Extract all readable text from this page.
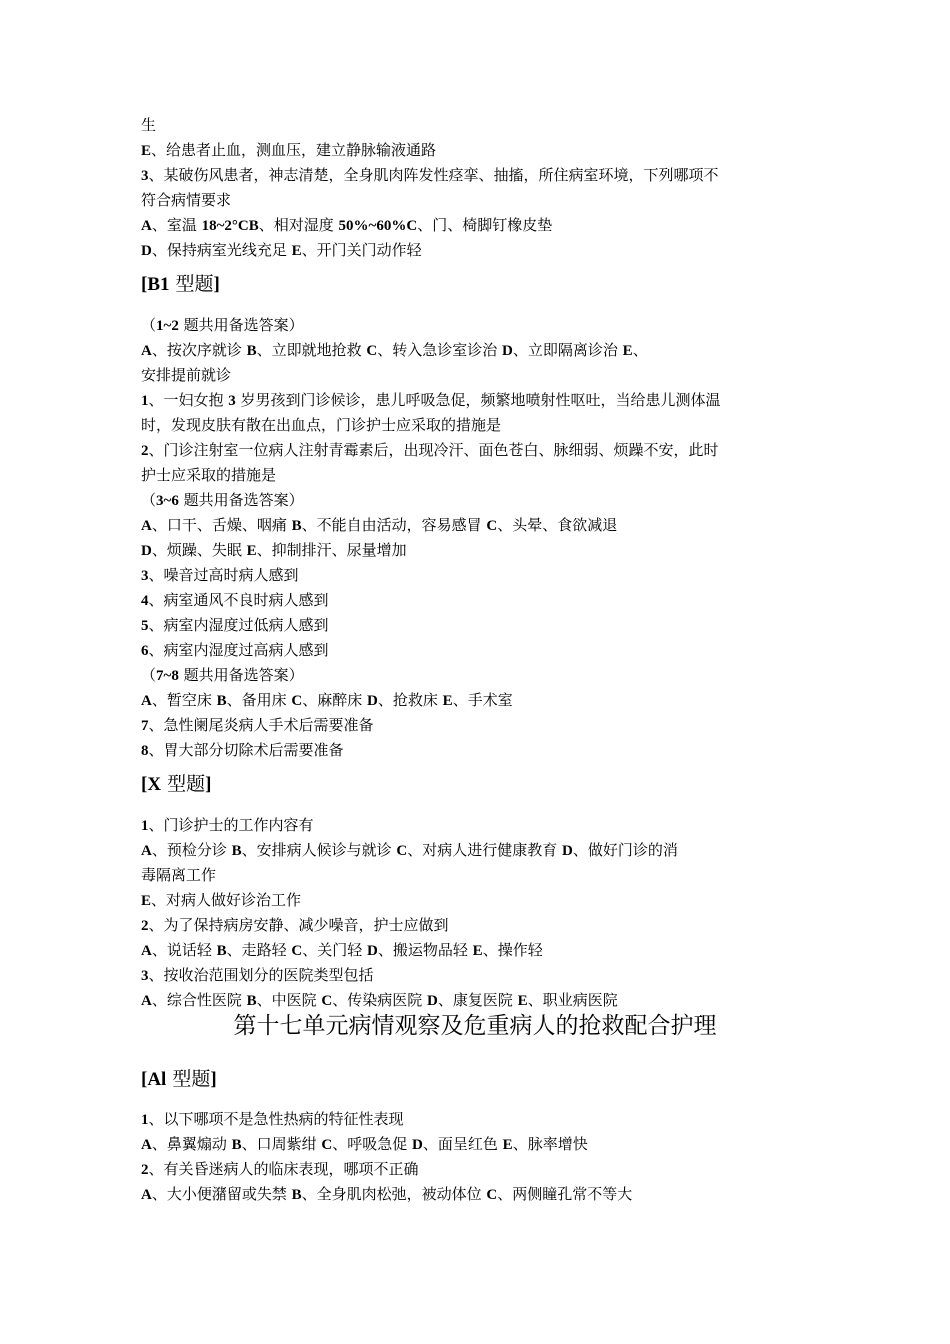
生
E、给患者止血，测血压，建立静脉输液通路
3、某破伤风患者，神志清楚，全身肌肉阵发性痉挛、抽搐，所住病室环境，下列哪项不
符合病情要求
A、室温 18~2°CB、相对湿度 50%~60%C、门、椅脚钉橡皮垫
D、保持病室光线充足 E、开门关门动作轻
[B1 型题]
（1~2 题共用备选答案）
A、按次序就诊 B、立即就地抢救 C、转入急诊室诊治 D、立即隔离诊治 E、
安排提前就诊
1、一妇女抱 3 岁男孩到门诊候诊，患儿呼吸急促，频繁地喷射性呕吐，当给患儿测体温
时，发现皮肤有散在出血点，门诊护士应采取的措施是
2、门诊注射室一位病人注射青霉素后，出现冷汗、面色苍白、脉细弱、烦躁不安，此时
护士应采取的措施是
（3~6 题共用备选答案）
A、口干、舌燥、咽痛 B、不能自由活动，容易感冒 C、头晕、食欲减退
D、烦躁、失眠 E、抑制排汗、尿量增加
3、噪音过高时病人感到
4、病室通风不良时病人感到
5、病室内湿度过低病人感到
6、病室内湿度过高病人感到
（7~8 题共用备选答案）
A、暂空床 B、备用床 C、麻醉床 D、抢救床 E、手术室
7、急性阑尾炎病人手术后需要准备
8、胃大部分切除术后需要准备
[X 型题]
1、门诊护士的工作内容有
A、预检分诊 B、安排病人候诊与就诊 C、对病人进行健康教育 D、做好门诊的消
毒隔离工作
E、对病人做好诊治工作
2、为了保持病房安静、减少噪音，护士应做到
A、说话轻 B、走路轻 C、关门轻 D、搬运物品轻 E、操作轻
3、按收治范围划分的医院类型包括
A、综合性医院 B、中医院 C、传染病医院 D、康复医院 E、职业病医院
第十七单元病情观察及危重病人的抢救配合护理
[Al 型题]
1、以下哪项不是急性热病的特征性表现
A、鼻翼煽动 B、口周紫绀 C、呼吸急促 D、面呈红色 E、脉率增快
2、有关昏迷病人的临床表现，哪项不正确
A、大小便潴留或失禁 B、全身肌肉松弛，被动体位 C、两侧瞳孔常不等大
